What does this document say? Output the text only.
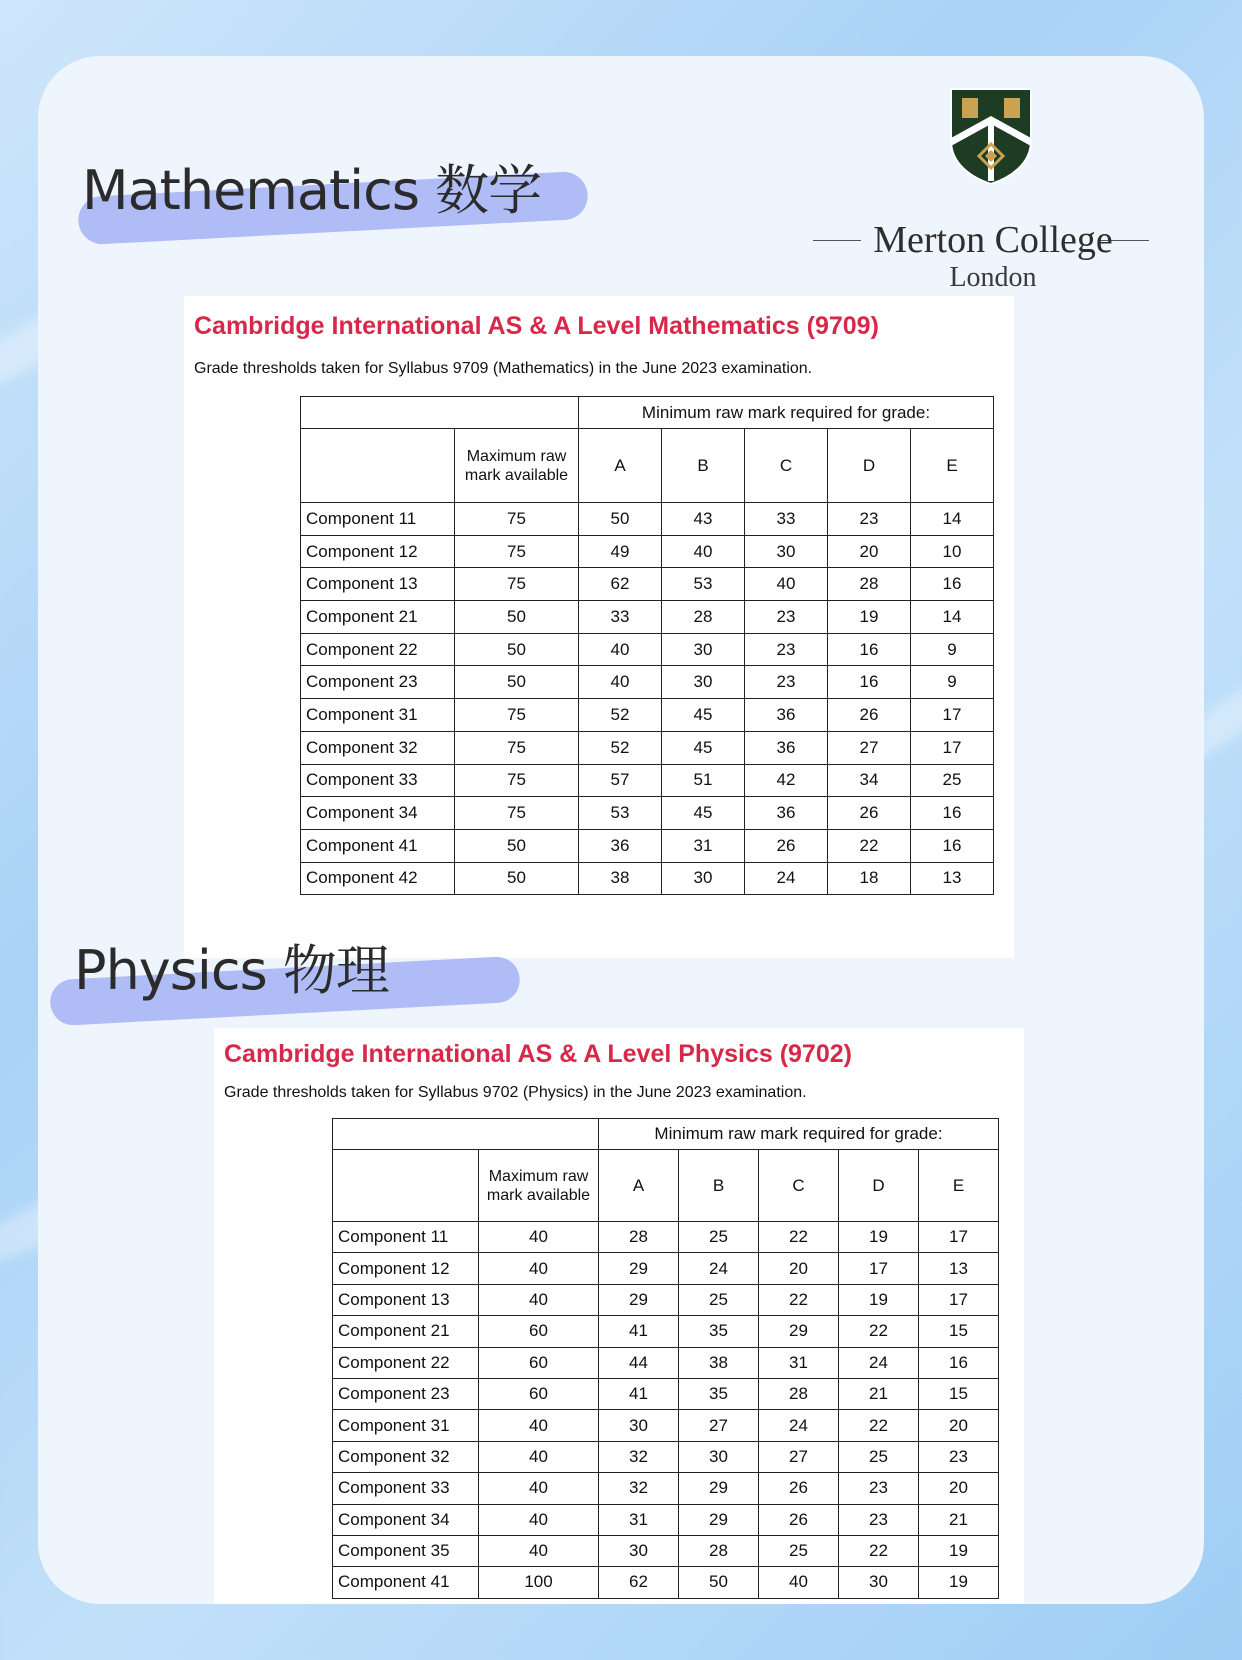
Mathematics 数学
Merton College
London
Cambridge International AS & A Level Mathematics (9709)
Grade thresholds taken for Syllabus 9709 (Mathematics) in the June 2023 examination.
		Minimum raw mark required for grade:				
	Maximum raw mark available	A	B	C	D	E
Component 11	75	50	43	33	23	14
Component 12	75	49	40	30	20	10
Component 13	75	62	53	40	28	16
Component 21	50	33	28	23	19	14
Component 22	50	40	30	23	16	9
Component 23	50	40	30	23	16	9
Component 31	75	52	45	36	26	17
Component 32	75	52	45	36	27	17
Component 33	75	57	51	42	34	25
Component 34	75	53	45	36	26	16
Component 41	50	36	31	26	22	16
Component 42	50	38	30	24	18	13
Physics 物理
Cambridge International AS & A Level Physics (9702)
Grade thresholds taken for Syllabus 9702 (Physics) in the June 2023 examination.
		Minimum raw mark required for grade:				
	Maximum raw mark available	A	B	C	D	E
Component 11	40	28	25	22	19	17
Component 12	40	29	24	20	17	13
Component 13	40	29	25	22	19	17
Component 21	60	41	35	29	22	15
Component 22	60	44	38	31	24	16
Component 23	60	41	35	28	21	15
Component 31	40	30	27	24	22	20
Component 32	40	32	30	27	25	23
Component 33	40	32	29	26	23	20
Component 34	40	31	29	26	23	21
Component 35	40	30	28	25	22	19
Component 41	100	62	50	40	30	19
